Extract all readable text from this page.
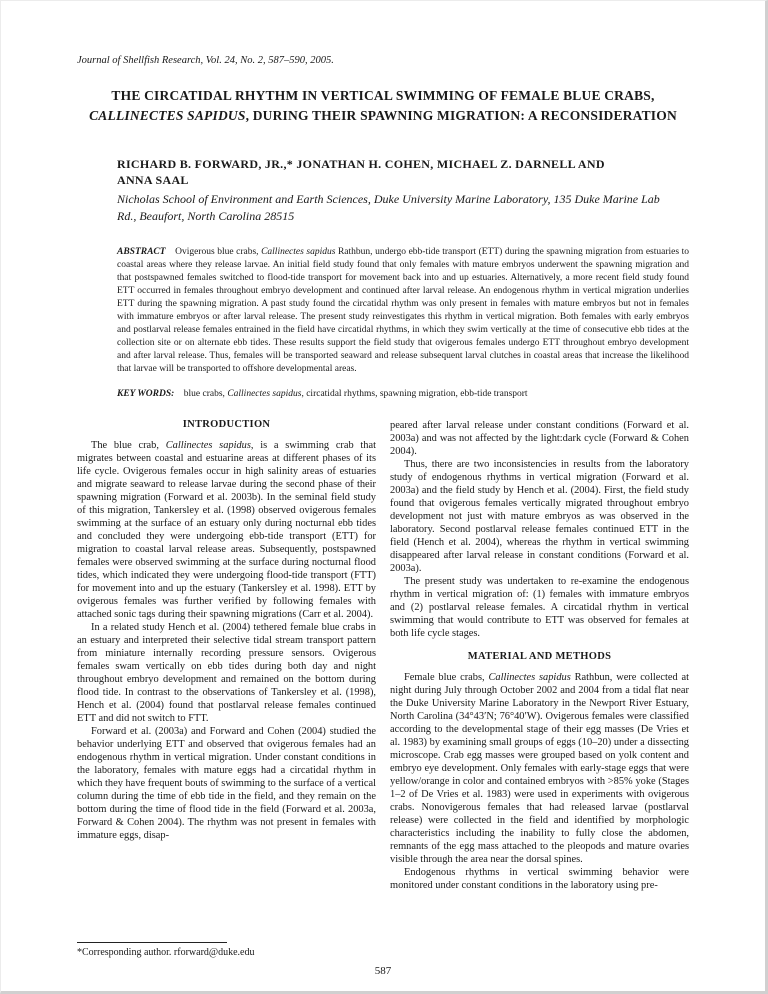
Journal of Shellfish Research, Vol. 24, No. 2, 587–590, 2005.
THE CIRCATIDAL RHYTHM IN VERTICAL SWIMMING OF FEMALE BLUE CRABS, CALLINECTES SAPIDUS, DURING THEIR SPAWNING MIGRATION: A RECONSIDERATION
RICHARD B. FORWARD, JR.,* JONATHAN H. COHEN, MICHAEL Z. DARNELL AND
ANNA SAAL
Nicholas School of Environment and Earth Sciences, Duke University Marine Laboratory, 135 Duke Marine Lab Rd., Beaufort, North Carolina 28515

ABSTRACT Ovigerous blue crabs, Callinectes sapidus Rathbun, undergo ebb-tide transport (ETT) during the spawning migration from estuaries to coastal areas where they release larvae. An initial field study found that only females with mature embryos underwent the spawning migration and that postspawned females switched to flood-tide transport for movement back into and up estuaries. Alternatively, a more recent field study found ETT occurred in females throughout embryo development and continued after larval release. An endogenous rhythm in vertical migration underlies ETT during the spawning migration. A past study found the circatidal rhythm was only present in females with mature embryos but not in females with immature embryos or after larval release. The present study reinvestigates this rhythm in vertical migration. Both females with early embryos and postlarval release females entrained in the field have circatidal rhythms, in which they swim vertically at the time of consecutive ebb tides at the collection site or on alternate ebb tides. These results support the field study that ovigerous females undergo ETT throughout embryo development and after larval release. Thus, females will be transported seaward and release subsequent larval clutches in coastal areas that increase the likelihood that larvae will be transported to offshore developmental areas.

KEY WORDS: blue crabs, Callinectes sapidus, circatidal rhythms, spawning migration, ebb-tide transport

INTRODUCTION

The blue crab, Callinectes sapidus, is a swimming crab that migrates between coastal and estuarine areas at different phases of its life cycle. Ovigerous females occur in high salinity areas of estuaries and migrate seaward to release larvae during the second phase of their spawning migration (Forward et al. 2003b). In the seminal field study of this migration, Tankersley et al. (1998) observed ovigerous females swimming at the surface of an estuary only during nocturnal ebb tides and concluded they were undergoing ebb-tide transport (ETT) for migration to coastal larval release areas. Subsequently, postspawned females were observed swimming at the surface during nocturnal flood tides, which indicated they were undergoing flood-tide transport (FTT) for movement into and up the estuary (Tankersley et al. 1998). ETT by ovigerous females was further verified by following females with attached sonic tags during their spawning migrations (Carr et al. 2004).

In a related study Hench et al. (2004) tethered female blue crabs in an estuary and interpreted their selective tidal stream transport pattern from miniature internally recording pressure sensors. Ovigerous females swam vertically on ebb tides during both day and night throughout embryo development and remained on the bottom during flood tide. In contrast to the observations of Tankersley et al. (1998), Hench et al. (2004) found that postlarval release females continued ETT and did not switch to FTT.

Forward et al. (2003a) and Forward and Cohen (2004) studied the behavior underlying ETT and observed that ovigerous females had an endogenous rhythm in vertical migration. Under constant conditions in the laboratory, females with mature eggs had a circatidal rhythm in which they have frequent bouts of swimming to the surface of a vertical column during the time of ebb tide in the field, and they remain on the bottom during the time of flood tide in the field (Forward et al. 2003a, Forward & Cohen 2004). The rhythm was not present in females with immature eggs, disap-

peared after larval release under constant conditions (Forward et al. 2003a) and was not affected by the light:dark cycle (Forward & Cohen 2004).

Thus, there are two inconsistencies in results from the laboratory study of endogenous rhythms in vertical migration (Forward et al. 2003a) and the field study by Hench et al. (2004). First, the field study found that ovigerous females vertically migrated throughout embryo development not just with mature embryos as was observed in the laboratory. Second postlarval release females continued ETT in the field (Hench et al. 2004), whereas the rhythm in vertical swimming disappeared after larval release in constant conditions (Forward et al. 2003a).

The present study was undertaken to re-examine the endogenous rhythm in vertical migration of: (1) females with immature embryos and (2) postlarval release females. A circatidal rhythm in vertical swimming that would contribute to ETT was observed for females at both life cycle stages.

MATERIAL AND METHODS

Female blue crabs, Callinectes sapidus Rathbun, were collected at night during July through October 2002 and 2004 from a tidal flat near the Duke University Marine Laboratory in the Newport River Estuary, North Carolina (34°43′N; 76°40′W). Ovigerous females were classified according to the developmental stage of their egg masses (De Vries et al. 1983) by examining small groups of eggs (10–20) under a dissecting microscope. Crab egg masses were grouped based on yolk content and embryo eye development. Only females with early-stage eggs that were yellow/orange in color and contained embryos with >85% yoke (Stages 1–2 of De Vries et al. 1983) were used in experiments with ovigerous crabs. Nonovigerous females that had released larvae (postlarval release) were collected in the field and identified by morphologic characteristics including the inability to fully close the abdomen, remnants of the egg mass attached to the pleopods and mature ovaries visible through the area near the dorsal spines.

Endogenous rhythms in vertical swimming behavior were monitored under constant conditions in the laboratory using pre-

*Corresponding author. rforward@duke.edu
587
